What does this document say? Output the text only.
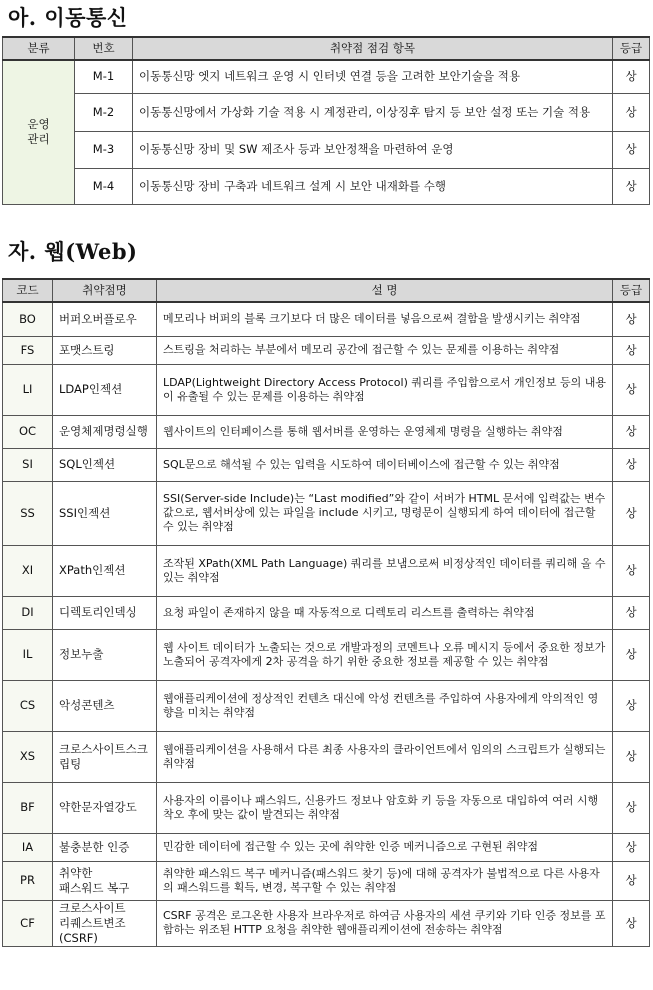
아. 이동통신
분류	번호	취약점 점검 항목	등급
운영
관리	M-1	이동통신망 엣지 네트워크 운영 시 인터넷 연결 등을 고려한 보안기술을 적용	상
	M-2	이동통신망에서 가상화 기술 적용 시 계정관리, 이상징후 탐지 등 보안 설정 또는 기술 적용	상
	M-3	이동통신망 장비 및 SW 제조사 등과 보안정책을 마련하여 운영	상
	M-4	이동통신망 장비 구축과 네트워크 설계 시 보안 내재화를 수행	상
자. 웹(Web)
코드	취약점명	설 명	등급
BO	버퍼오버플로우	메모리나 버퍼의 블록 크기보다 더 많은 데이터를 넣음으로써 결함을 발생시키는 취약점	상
FS	포맷스트링	스트링을 처리하는 부분에서 메모리 공간에 접근할 수 있는 문제를 이용하는 취약점	상
LI	LDAP인젝션	LDAP(Lightweight Directory Access Protocol) 쿼리를 주입함으로서 개인정보 등의 내용이 유출될 수 있는 문제를 이용하는 취약점	상
OC	운영체제명령실행	웹사이트의 인터페이스를 통해 웹서버를 운영하는 운영체제 명령을 실행하는 취약점	상
SI	SQL인젝션	SQL문으로 해석될 수 있는 입력을 시도하여 데이터베이스에 접근할 수 있는 취약점	상
SS	SSI인젝션	SSI(Server-side Include)는 “Last modified”와 같이 서버가 HTML 문서에 입력값는 변수 값으로, 웹서버상에 있는 파일을 include 시키고, 명령문이 실행되게 하여 데이터에 접근할 수 있는 취약점	상
XI	XPath인젝션	조작된 XPath(XML Path Language) 쿼리를 보냄으로써 비정상적인 데이터를 쿼리해 올 수 있는 취약점	상
DI	디렉토리인덱싱	요청 파일이 존재하지 않을 때 자동적으로 디렉토리 리스트를 출력하는 취약점	상
IL	정보누출	웹 사이트 데이터가 노출되는 것으로 개발과정의 코멘트나 오류 메시지 등에서 중요한 정보가 노출되어 공격자에게 2차 공격을 하기 위한 중요한 정보를 제공할 수 있는 취약점	상
CS	악성콘텐츠	웹애플리케이션에 정상적인 컨텐츠 대신에 악성 컨텐츠를 주입하여 사용자에게 악의적인 영향을 미치는 취약점	상
XS	크로스사이트스크립팅	웹애플리케이션을 사용해서 다른 최종 사용자의 클라이언트에서 임의의 스크립트가 실행되는 취약점	상
BF	약한문자열강도	사용자의 이름이나 패스워드, 신용카드 정보나 암호화 키 등을 자동으로 대입하여 여러 시행착오 후에 맞는 값이 발견되는 취약점	상
IA	불충분한 인증	민감한 데이터에 접근할 수 있는 곳에 취약한 인증 메커니즘으로 구현된 취약점	상
PR	취약한
패스워드 복구	취약한 패스워드 복구 메커니즘(패스워드 찾기 등)에 대해 공격자가 불법적으로 다른 사용자의 패스워드를 획득, 변경, 복구할 수 있는 취약점	상
CF	크로스사이트
리퀘스트변조(CSRF)	CSRF 공격은 로그온한 사용자 브라우저로 하여금 사용자의 세션 쿠키와 기타 인증 정보를 포함하는 위조된 HTTP 요청을 취약한 웹애플리케이션에 전송하는 취약점	상
